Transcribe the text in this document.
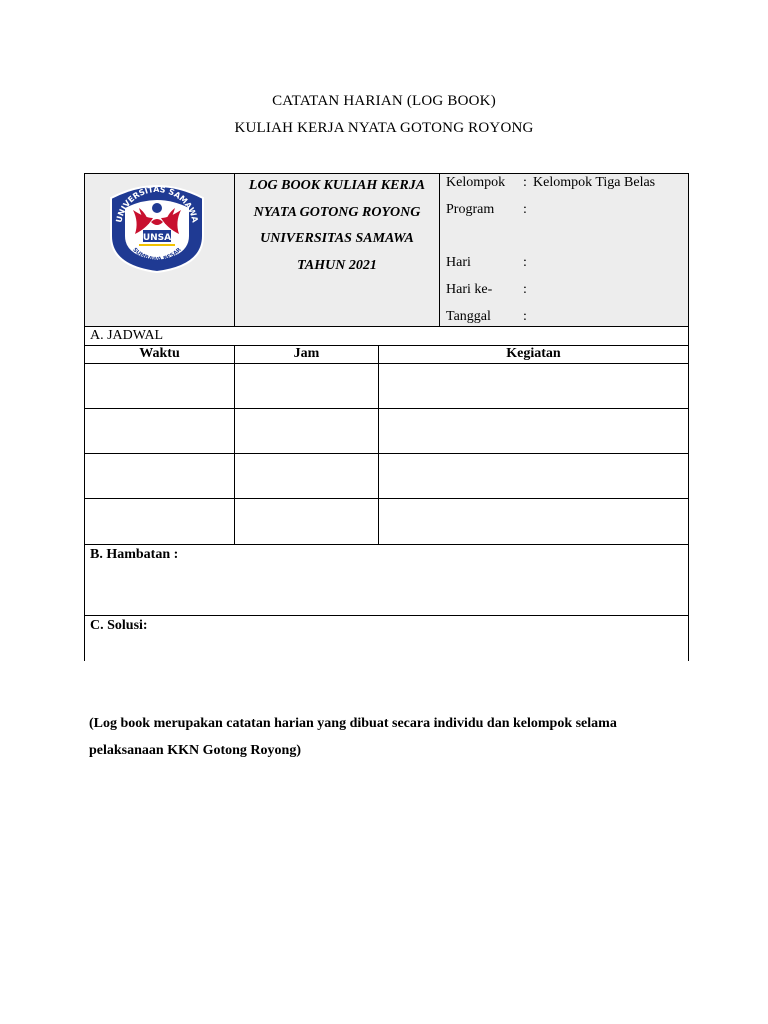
CATATAN HARIAN (LOG BOOK)
KULIAH KERJA NYATA GOTONG ROYONG
UNIVERSITAS SAMAWA
UNSA
SUMBAWA BESAR
LOG BOOK KULIAH KERJA
NYATA GOTONG ROYONG
UNIVERSITAS SAMAWA
TAHUN 2021
Kelompok : Kelompok Tiga Belas
Program :
Hari	:
Hari ke- :
Tanggal :
A. JADWAL
Waktu	Jam	Kegiatan
B. Hambatan :
C. Solusi:
(Log book merupakan catatan harian yang dibuat secara individu dan kelompok selama pelaksanaan KKN Gotong Royong)
